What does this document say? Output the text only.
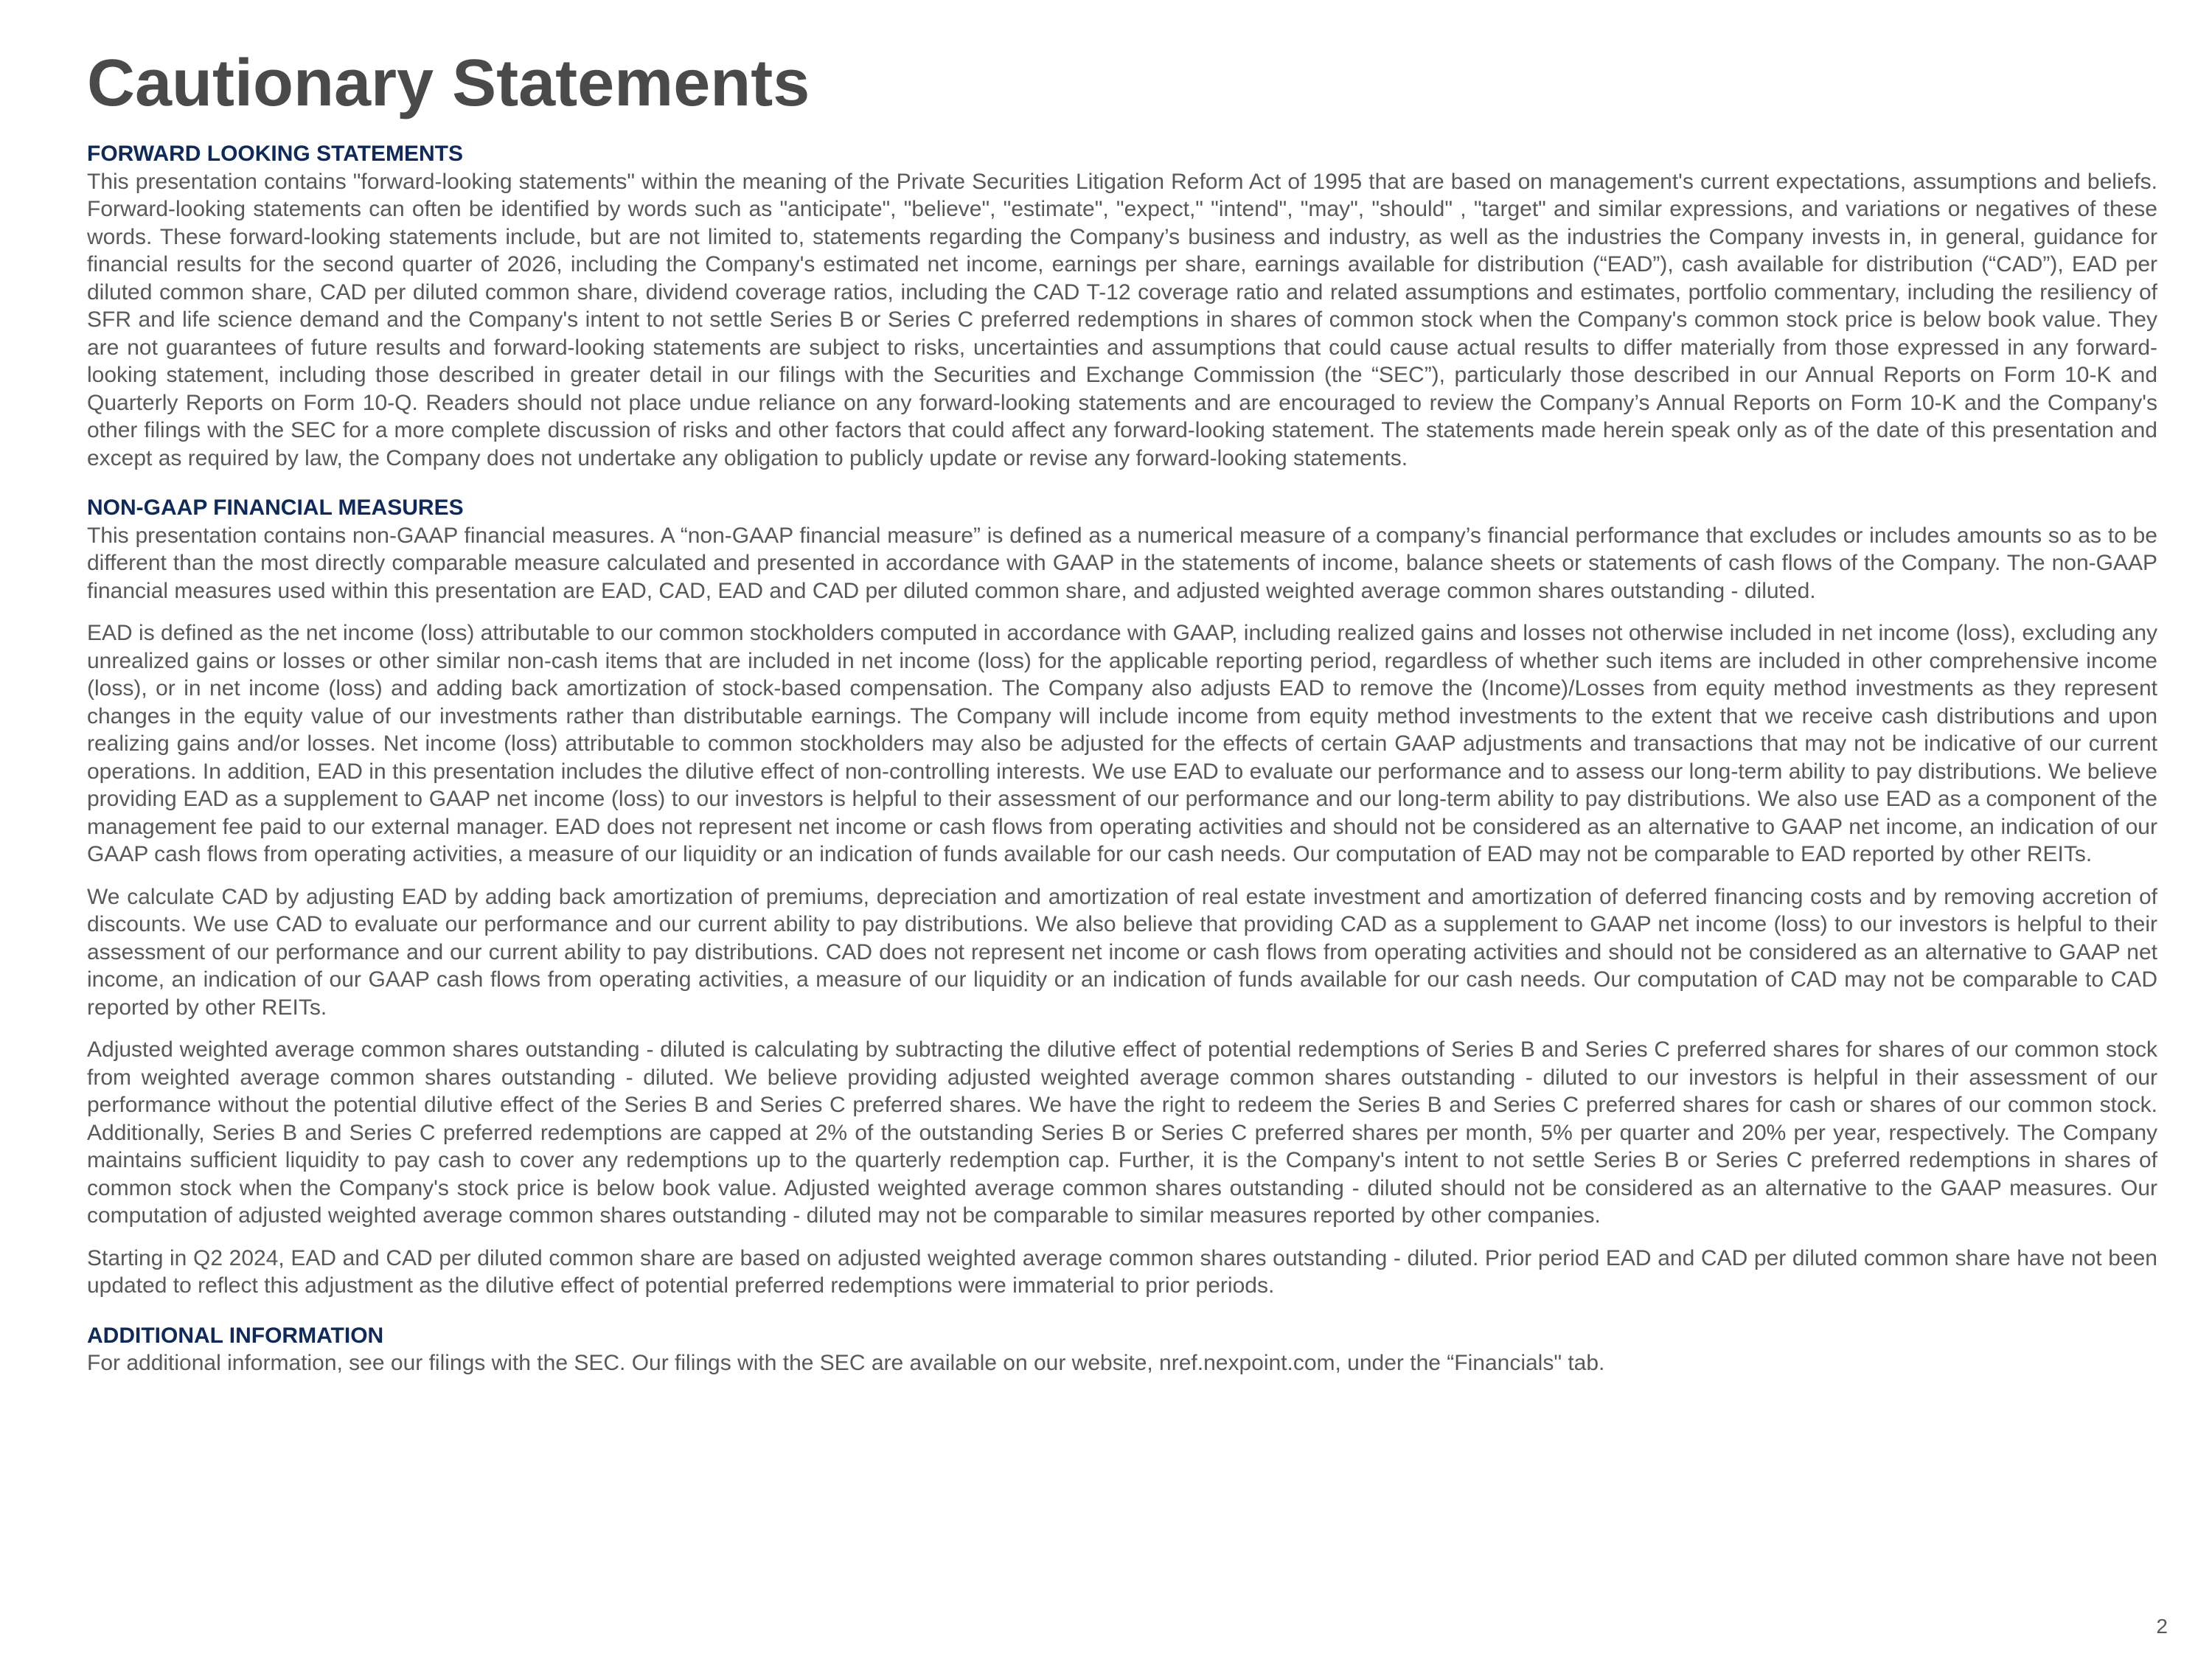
Cautionary Statements
FORWARD LOOKING STATEMENTS

This presentation contains "forward-looking statements" within the meaning of the Private Securities Litigation Reform Act of 1995 that are based on management's current expectations, assumptions and beliefs. Forward-looking statements can often be identified by words such as "anticipate", "believe", "estimate", "expect," "intend", "may", "should" , "target" and similar expressions, and variations or negatives of these words. These forward-looking statements include, but are not limited to, statements regarding the Company’s business and industry, as well as the industries the Company invests in, in general, guidance for financial results for the second quarter of 2026, including the Company's estimated net income, earnings per share, earnings available for distribution (“EAD”), cash available for distribution (“CAD”), EAD per diluted common share, CAD per diluted common share, dividend coverage ratios, including the CAD T-12 coverage ratio and related assumptions and estimates, portfolio commentary, including the resiliency of SFR and life science demand and the Company's intent to not settle Series B or Series C preferred redemptions in shares of common stock when the Company's common stock price is below book value. They are not guarantees of future results and forward-looking statements are subject to risks, uncertainties and assumptions that could cause actual results to differ materially from those expressed in any forward-looking statement, including those described in greater detail in our filings with the Securities and Exchange Commission (the “SEC”), particularly those described in our Annual Reports on Form 10-K and Quarterly Reports on Form 10-Q. Readers should not place undue reliance on any forward-looking statements and are encouraged to review the Company’s Annual Reports on Form 10-K and the Company's other filings with the SEC for a more complete discussion of risks and other factors that could affect any forward-looking statement. The statements made herein speak only as of the date of this presentation and except as required by law, the Company does not undertake any obligation to publicly update or revise any forward-looking statements.

NON-GAAP FINANCIAL MEASURES

This presentation contains non-GAAP financial measures. A “non-GAAP financial measure” is defined as a numerical measure of a company’s financial performance that excludes or includes amounts so as to be different than the most directly comparable measure calculated and presented in accordance with GAAP in the statements of income, balance sheets or statements of cash flows of the Company. The non-GAAP financial measures used within this presentation are EAD, CAD, EAD and CAD per diluted common share, and adjusted weighted average common shares outstanding - diluted.

EAD is defined as the net income (loss) attributable to our common stockholders computed in accordance with GAAP, including realized gains and losses not otherwise included in net income (loss), excluding any unrealized gains or losses or other similar non-cash items that are included in net income (loss) for the applicable reporting period, regardless of whether such items are included in other comprehensive income (loss), or in net income (loss) and adding back amortization of stock-based compensation. The Company also adjusts EAD to remove the (Income)/Losses from equity method investments as they represent changes in the equity value of our investments rather than distributable earnings. The Company will include income from equity method investments to the extent that we receive cash distributions and upon realizing gains and/or losses. Net income (loss) attributable to common stockholders may also be adjusted for the effects of certain GAAP adjustments and transactions that may not be indicative of our current operations. In addition, EAD in this presentation includes the dilutive effect of non-controlling interests. We use EAD to evaluate our performance and to assess our long-term ability to pay distributions. We believe providing EAD as a supplement to GAAP net income (loss) to our investors is helpful to their assessment of our performance and our long-term ability to pay distributions. We also use EAD as a component of the management fee paid to our external manager. EAD does not represent net income or cash flows from operating activities and should not be considered as an alternative to GAAP net income, an indication of our GAAP cash flows from operating activities, a measure of our liquidity or an indication of funds available for our cash needs. Our computation of EAD may not be comparable to EAD reported by other REITs.

We calculate CAD by adjusting EAD by adding back amortization of premiums, depreciation and amortization of real estate investment and amortization of deferred financing costs and by removing accretion of discounts. We use CAD to evaluate our performance and our current ability to pay distributions. We also believe that providing CAD as a supplement to GAAP net income (loss) to our investors is helpful to their assessment of our performance and our current ability to pay distributions. CAD does not represent net income or cash flows from operating activities and should not be considered as an alternative to GAAP net income, an indication of our GAAP cash flows from operating activities, a measure of our liquidity or an indication of funds available for our cash needs. Our computation of CAD may not be comparable to CAD reported by other REITs.

Adjusted weighted average common shares outstanding - diluted is calculating by subtracting the dilutive effect of potential redemptions of Series B and Series C preferred shares for shares of our common stock from weighted average common shares outstanding - diluted. We believe providing adjusted weighted average common shares outstanding - diluted to our investors is helpful in their assessment of our performance without the potential dilutive effect of the Series B and Series C preferred shares. We have the right to redeem the Series B and Series C preferred shares for cash or shares of our common stock. Additionally, Series B and Series C preferred redemptions are capped at 2% of the outstanding Series B or Series C preferred shares per month, 5% per quarter and 20% per year, respectively. The Company maintains sufficient liquidity to pay cash to cover any redemptions up to the quarterly redemption cap. Further, it is the Company's intent to not settle Series B or Series C preferred redemptions in shares of common stock when the Company's stock price is below book value. Adjusted weighted average common shares outstanding - diluted should not be considered as an alternative to the GAAP measures. Our computation of adjusted weighted average common shares outstanding - diluted may not be comparable to similar measures reported by other companies.

Starting in Q2 2024, EAD and CAD per diluted common share are based on adjusted weighted average common shares outstanding - diluted. Prior period EAD and CAD per diluted common share have not been updated to reflect this adjustment as the dilutive effect of potential preferred redemptions were immaterial to prior periods.

ADDITIONAL INFORMATION

For additional information, see our filings with the SEC. Our filings with the SEC are available on our website, nref.nexpoint.com, under the “Financials" tab.

2
